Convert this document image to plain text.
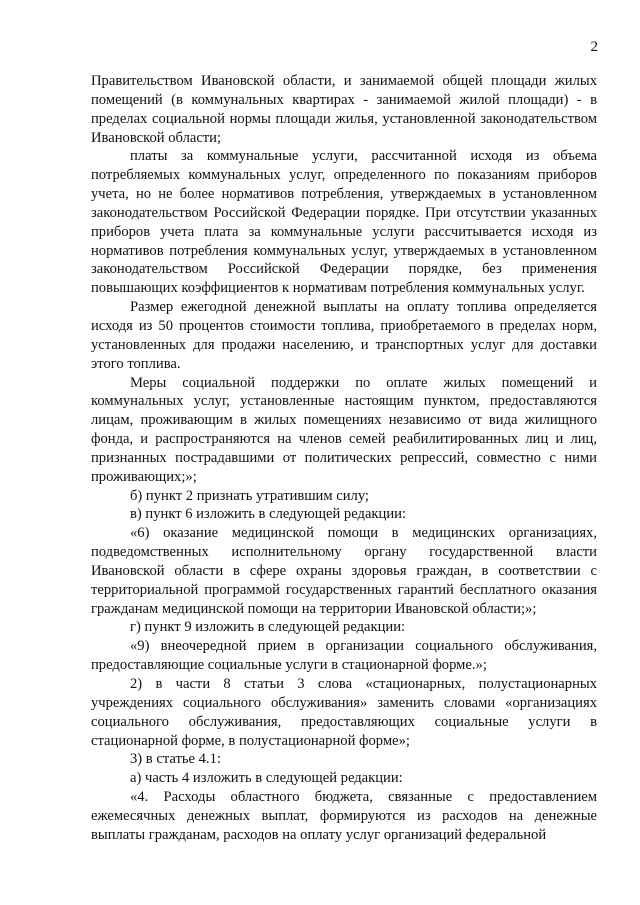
2

Правительством Ивановской области, и занимаемой общей площади жилых помещений (в коммунальных квартирах - занимаемой жилой площади) - в пределах социальной нормы площади жилья, установленной законодательством Ивановской области;

платы за коммунальные услуги, рассчитанной исходя из объема потребляемых коммунальных услуг, определенного по показаниям приборов учета, но не более нормативов потребления, утверждаемых в установленном законодательством Российской Федерации порядке. При отсутствии указанных приборов учета плата за коммунальные услуги рассчитывается исходя из нормативов потребления коммунальных услуг, утверждаемых в установленном законодательством Российской Федерации порядке, без применения повышающих коэффициентов к нормативам потребления коммунальных услуг.

Размер ежегодной денежной выплаты на оплату топлива определяется исходя из 50 процентов стоимости топлива, приобретаемого в пределах норм, установленных для продажи населению, и транспортных услуг для доставки этого топлива.

Меры социальной поддержки по оплате жилых помещений и коммунальных услуг, установленные настоящим пунктом, предоставляются лицам, проживающим в жилых помещениях независимо от вида жилищного фонда, и распространяются на членов семей реабилитированных лиц и лиц, признанных пострадавшими от политических репрессий, совместно с ними проживающих;»;

б) пункт 2 признать утратившим силу;

в) пункт 6 изложить в следующей редакции:

«6) оказание медицинской помощи в медицинских организациях, подведомственных исполнительному органу государственной власти Ивановской области в сфере охраны здоровья граждан, в соответствии с территориальной программой государственных гарантий бесплатного оказания гражданам медицинской помощи на территории Ивановской области;»;

г) пункт 9 изложить в следующей редакции:

«9) внеочередной прием в организации социального обслуживания, предоставляющие социальные услуги в стационарной форме.»;

2) в части 8 статьи 3 слова «стационарных, полустационарных учреждениях социального обслуживания» заменить словами «организациях социального обслуживания, предоставляющих социальные услуги в стационарной форме, в полустационарной форме»;

3) в статье 4.1:

а) часть 4 изложить в следующей редакции:

«4. Расходы областного бюджета, связанные с предоставлением ежемесячных денежных выплат, формируются из расходов на денежные выплаты гражданам, расходов на оплату услуг организаций федеральной
